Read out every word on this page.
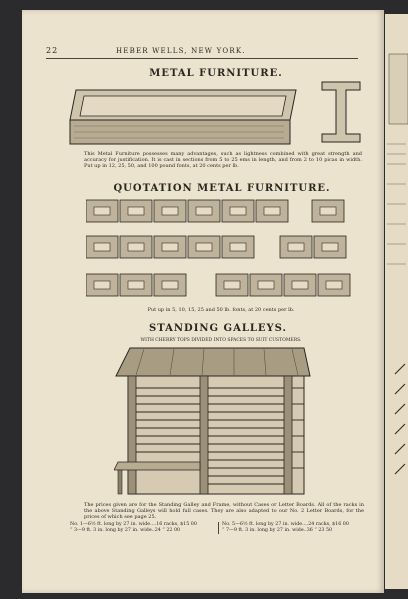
22	HEBER WELLS, NEW YORK.
METAL FURNITURE.
This Metal Furniture possesses many advantages, such as lightness combined with great strength and accuracy for justification. It is cast in sections from 5 to 25 ems in length, and from 2 to 10 picas in width. Put up in 12, 25, 50, and 100 pound fonts, at 20 cents per lb.
QUOTATION METAL FURNITURE.
Put up in 5, 10, 15, 25 and 50 lb. fonts, at 20 cents per lb.
STANDING GALLEYS.
WITH CHERRY TOPS DIVIDED INTO SPACES TO SUIT CUSTOMERS.
The prices given are for the Standing Galley and Frame, without Cases or Letter Boards. All of the racks in the above Standing Galleys will hold full cases. They are also adapted to our No. 2 Letter Boards, for the prices of which see page 25.
No. 1—6½ ft. long by 27 in. wide....16 racks, $15 00
“ 3—9 ft. 3 in. long by 27 in. wide..24 “ 22 00
No. 5—6½ ft. long by 27 in. wide....24 racks, $16 00
“ 7—9 ft. 3 in. long by 27 in. wide..36 “ 23 50
